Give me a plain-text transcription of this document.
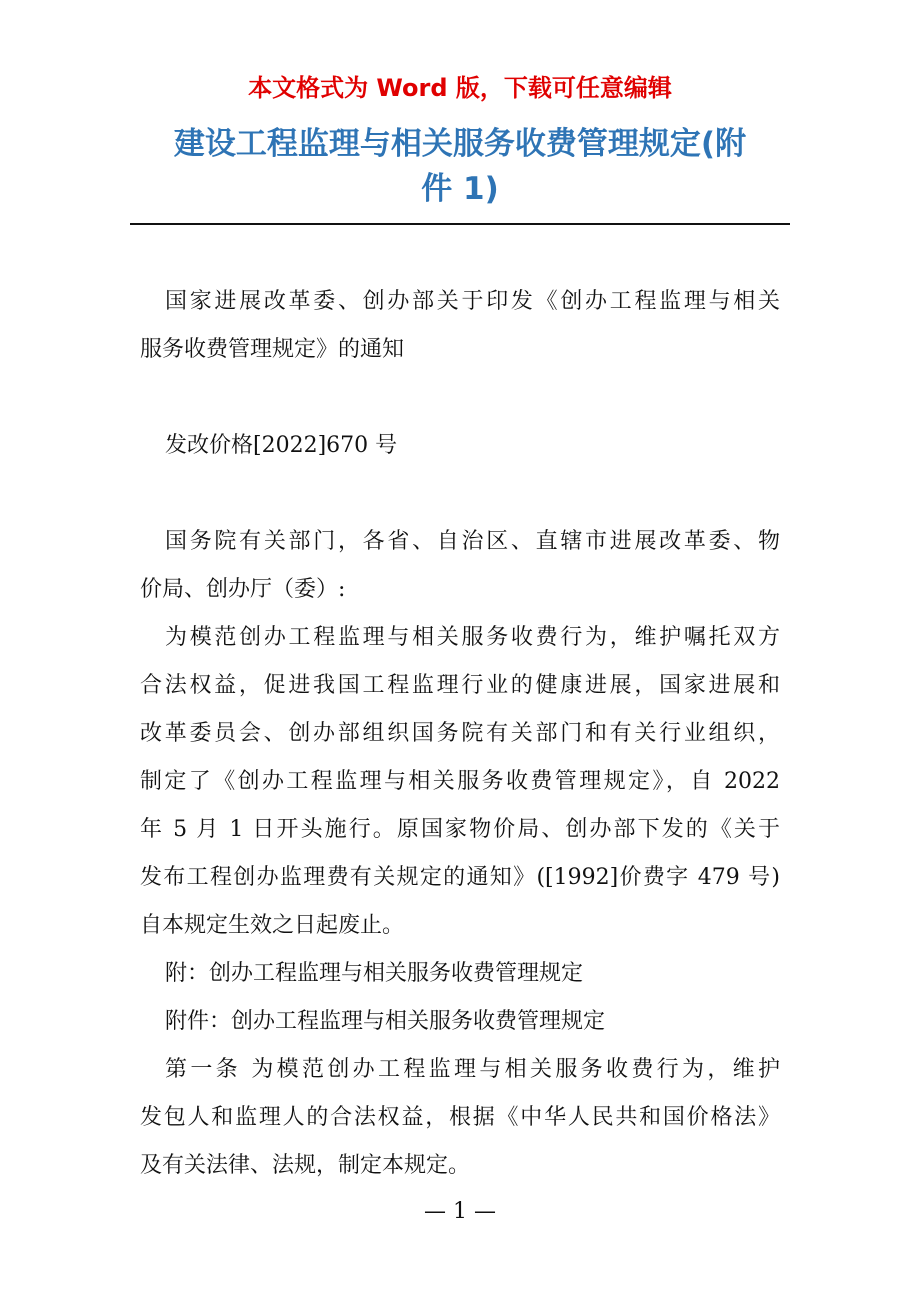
本文格式为 Word 版，下载可任意编辑
建设工程监理与相关服务收费管理规定(附
件 1)
国家进展改革委、创办部关于印发《创办工程监理与相关
服务收费管理规定》的通知
发改价格[2022]670 号
国务院有关部门，各省、自治区、直辖市进展改革委、物
价局、创办厅（委）:
为模范创办工程监理与相关服务收费行为，维护嘱托双方
合法权益，促进我国工程监理行业的健康进展，国家进展和
改革委员会、创办部组织国务院有关部门和有关行业组织，
制定了《创办工程监理与相关服务收费管理规定》，自 2022
年 5 月 1 日开头施行。原国家物价局、创办部下发的《关于
发布工程创办监理费有关规定的通知》([1992]价费字 479 号)
自本规定生效之日起废止。
附：创办工程监理与相关服务收费管理规定
附件：创办工程监理与相关服务收费管理规定
第一条 为模范创办工程监理与相关服务收费行为，维护
发包人和监理人的合法权益，根据《中华人民共和国价格法》
及有关法律、法规，制定本规定。
— 1 —
